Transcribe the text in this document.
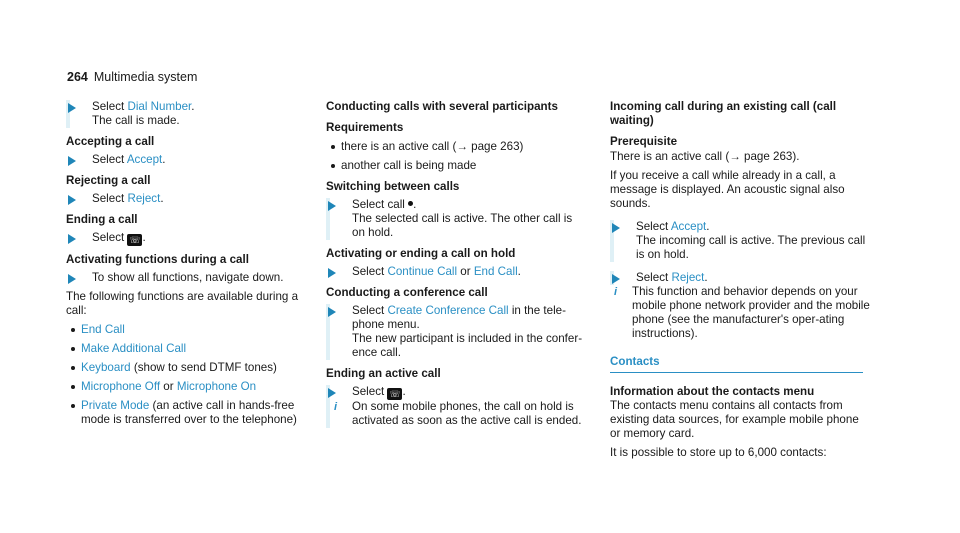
264 Multimedia system
Select Dial Number.
The call is made.
Accepting a call
Select Accept.
Rejecting a call
Select Reject.
Ending a call
Select ☏ .
Activating functions during a call
To show all functions, navigate down.
The following functions are available during a call:
End Call
Make Additional Call
Keyboard (show to send DTMF tones)
Microphone Off or Microphone On
Private Mode (an active call in hands-free mode is transferred over to the telephone)
Conducting calls with several participants
Requirements
there is an active call (→ page 263)
another call is being made
Switching between calls
Select call .
The selected call is active. The other call is on hold.
Activating or ending a call on hold
Select Continue Call or End Call.
Conducting a conference call
Select Create Conference Call in the tele-phone menu.
The new participant is included in the confer-ence call.
Ending an active call
Select ☏ .
i	On some mobile phones, the call on hold is activated as soon as the active call is ended.
Incoming call during an existing call (call waiting)
Prerequisite
There is an active call (→ page 263).
If you receive a call while already in a call, a message is displayed. An acoustic signal also sounds.
Select Accept.
The incoming call is active. The previous call is on hold.
Select Reject.
i	This function and behavior depends on your mobile phone network provider and the mobile phone (see the manufacturer's oper-ating instructions).
Contacts
Information about the contacts menu
The contacts menu contains all contacts from existing data sources, for example mobile phone or memory card.
It is possible to store up to 6,000 contacts:
